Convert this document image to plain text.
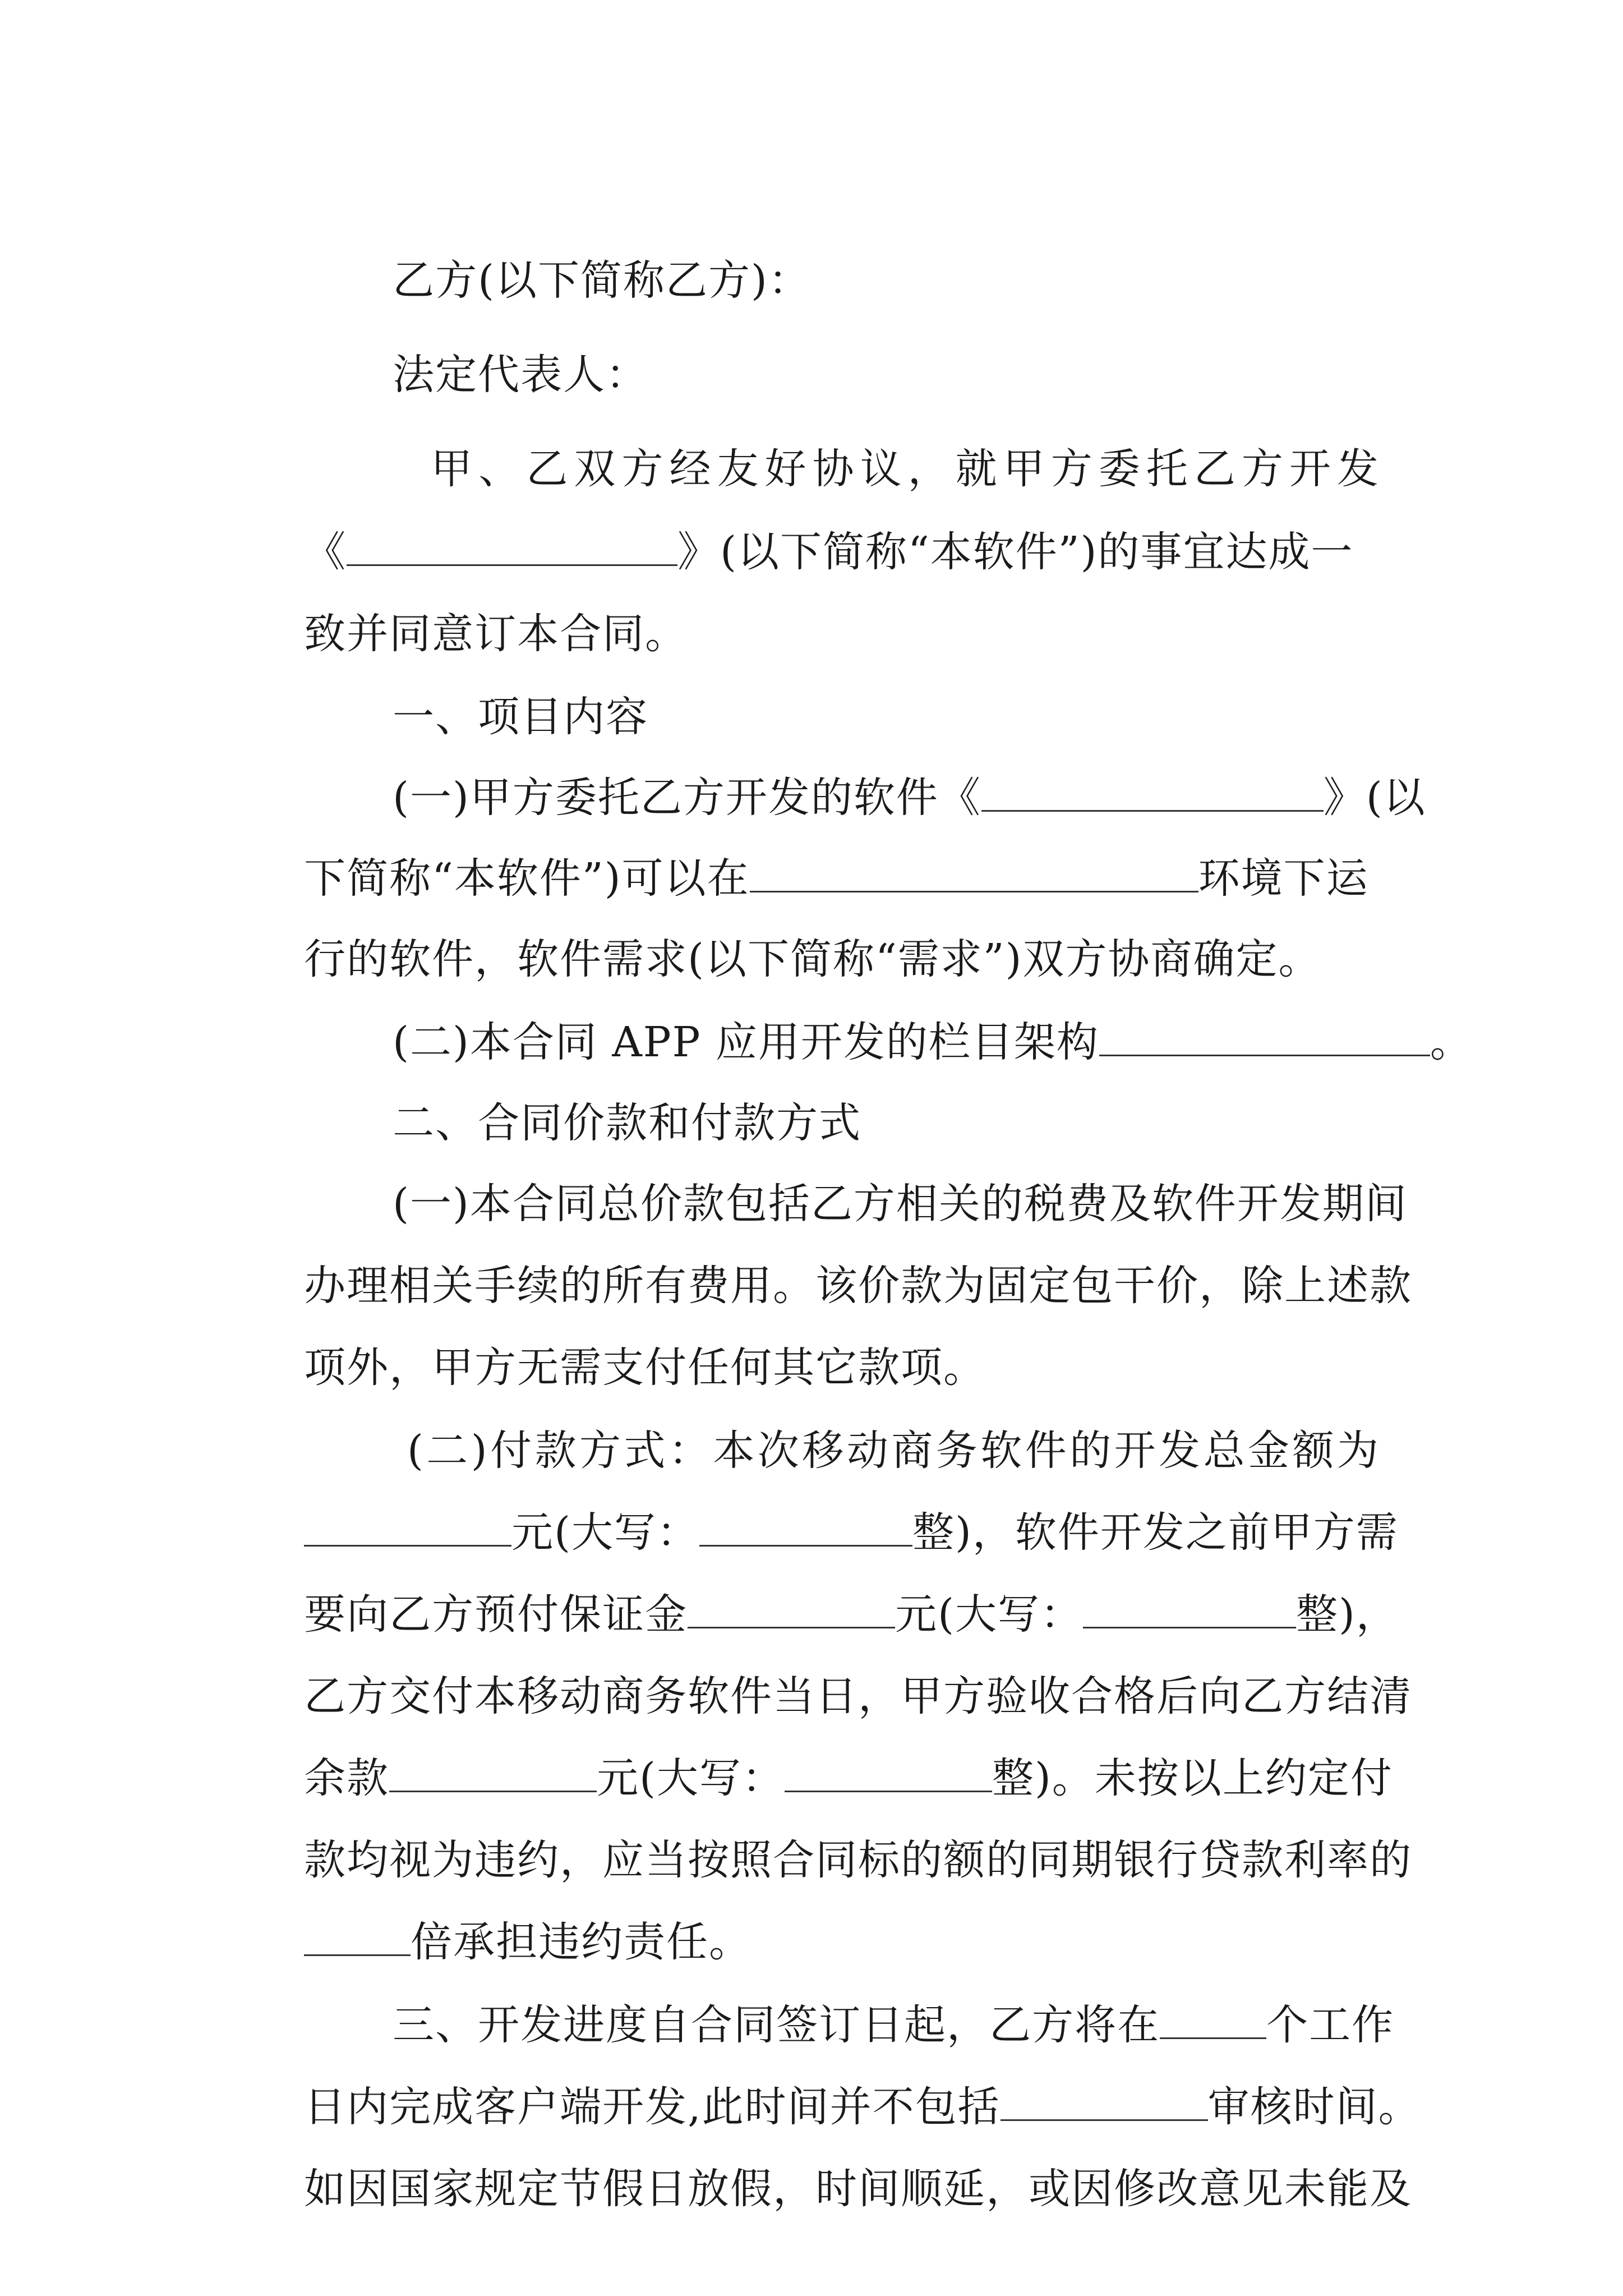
乙方(以下简称乙方)：

法定代表人：

甲、乙双方经友好协议，就甲方委托乙方开发

《	》(以下简称“本软件”)的事宜达成一

致并同意订本合同。

一、项目内容

(一)甲方委托乙方开发的软件《	》(以

下简称“本软件”)可以在	环境下运

行的软件，软件需求(以下简称“需求”)双方协商确定。

(二)本合同 APP 应用开发的栏目架构	。

二、合同价款和付款方式

(一)本合同总价款包括乙方相关的税费及软件开发期间

办理相关手续的所有费用。该价款为固定包干价，除上述款

项外，甲方无需支付任何其它款项。

(二)付款方式：本次移动商务软件的开发总金额为

元(大写：	整)，软件开发之前甲方需

要向乙方预付保证金	元(大写：	整)，

乙方交付本移动商务软件当日，甲方验收合格后向乙方结清

余款	元(大写：	整)。未按以上约定付

款均视为违约，应当按照合同标的额的同期银行贷款利率的

倍承担违约责任。

三、开发进度自合同签订日起，乙方将在	个工作

日内完成客户端开发,此时间并不包括	审核时间。

如因国家规定节假日放假，时间顺延，或因修改意见未能及
